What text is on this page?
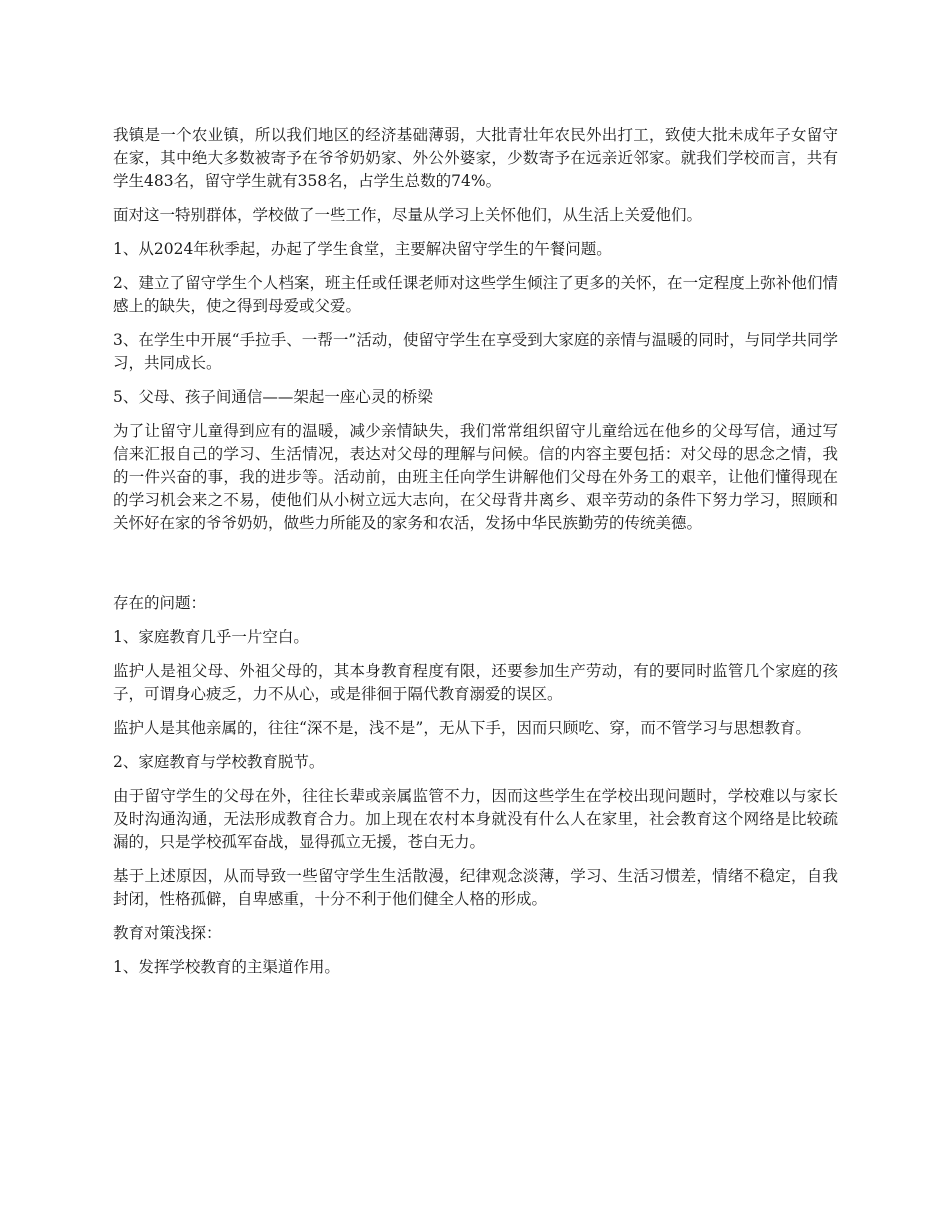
我镇是一个农业镇，所以我们地区的经济基础薄弱，大批青壮年农民外出打工，致使大批未成年子女留守在家，其中绝大多数被寄予在爷爷奶奶家、外公外婆家，少数寄予在远亲近邻家。就我们学校而言，共有学生483名，留守学生就有358名，占学生总数的74%。

面对这一特别群体，学校做了一些工作，尽量从学习上关怀他们，从生活上关爱他们。

1、从2024年秋季起，办起了学生食堂，主要解决留守学生的午餐问题。

2、建立了留守学生个人档案，班主任或任课老师对这些学生倾注了更多的关怀，在一定程度上弥补他们情感上的缺失，使之得到母爱或父爱。

3、在学生中开展“手拉手、一帮一”活动，使留守学生在享受到大家庭的亲情与温暖的同时，与同学共同学习，共同成长。

5、父母、孩子间通信——架起一座心灵的桥梁

为了让留守儿童得到应有的温暖，减少亲情缺失，我们常常组织留守儿童给远在他乡的父母写信，通过写信来汇报自己的学习、生活情况，表达对父母的理解与问候。信的内容主要包括：对父母的思念之情，我的一件兴奋的事，我的进步等。活动前，由班主任向学生讲解他们父母在外务工的艰辛，让他们懂得现在的学习机会来之不易，使他们从小树立远大志向，在父母背井离乡、艰辛劳动的条件下努力学习，照顾和关怀好在家的爷爷奶奶，做些力所能及的家务和农活，发扬中华民族勤劳的传统美德。

存在的问题：

1、家庭教育几乎一片空白。

监护人是祖父母、外祖父母的，其本身教育程度有限，还要参加生产劳动，有的要同时监管几个家庭的孩子，可谓身心疲乏，力不从心，或是徘徊于隔代教育溺爱的误区。

监护人是其他亲属的，往往“深不是，浅不是”，无从下手，因而只顾吃、穿，而不管学习与思想教育。

2、家庭教育与学校教育脱节。

由于留守学生的父母在外，往往长辈或亲属监管不力，因而这些学生在学校出现问题时，学校难以与家长及时沟通沟通，无法形成教育合力。加上现在农村本身就没有什么人在家里，社会教育这个网络是比较疏漏的，只是学校孤军奋战，显得孤立无援，苍白无力。

基于上述原因，从而导致一些留守学生生活散漫，纪律观念淡薄，学习、生活习惯差，情绪不稳定，自我封闭，性格孤僻，自卑感重，十分不利于他们健全人格的形成。

教育对策浅探：

1、发挥学校教育的主渠道作用。
